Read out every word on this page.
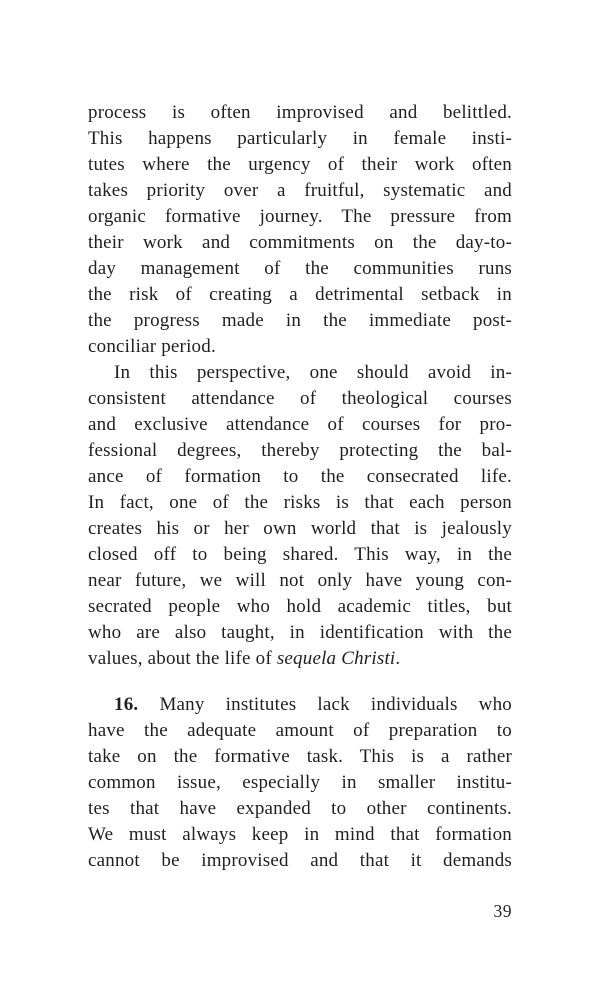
process is often improvised and belittled.
This happens particularly in female insti-
tutes where the urgency of their work often
takes priority over a fruitful, systematic and
organic formative journey. The pressure from
their work and commitments on the day-to-
day management of the communities runs
the risk of creating a detrimental setback in
the progress made in the immediate post-
conciliar period.
In this perspective, one should avoid in-
consistent attendance of theological courses
and exclusive attendance of courses for pro-
fessional degrees, thereby protecting the bal-
ance of formation to the consecrated life.
In fact, one of the risks is that each person
creates his or her own world that is jealously
closed off to being shared. This way, in the
near future, we will not only have young con-
secrated people who hold academic titles, but
who are also taught, in identification with the
values, about the life of sequela Christi.
16. Many institutes lack individuals who
have the adequate amount of preparation to
take on the formative task. This is a rather
common issue, especially in smaller institu-
tes that have expanded to other continents.
We must always keep in mind that formation
cannot be improvised and that it demands
39
